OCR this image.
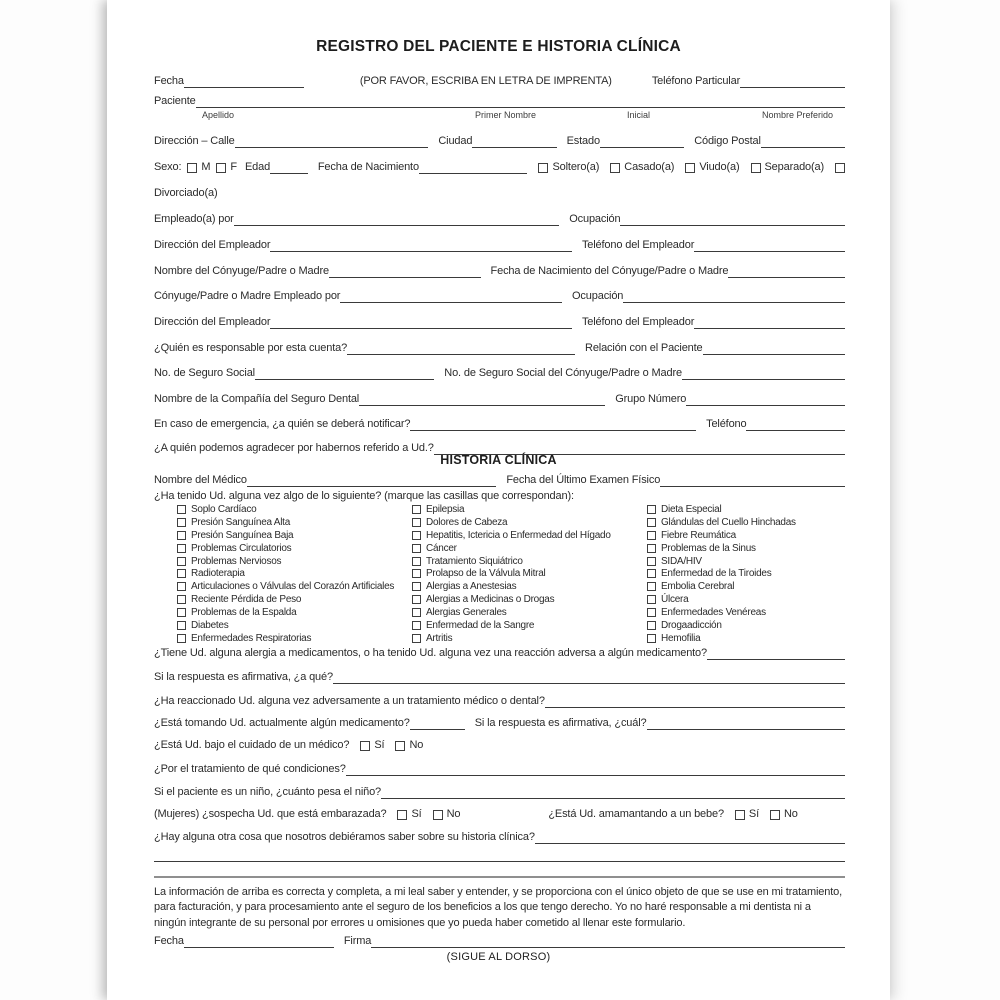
REGISTRO DEL PACIENTE E HISTORIA CLÍNICA
Fecha	(POR FAVOR, ESCRIBA EN LETRA DE IMPRENTA)	Teléfono Particular
Paciente
Apellido	Primer Nombre	Inicial	Nombre Preferido
Dirección – Calle	Ciudad	Estado	Código Postal
Sexo: M F Edad	Fecha de Nacimiento	Soltero(a) Casado(a) Viudo(a) Separado(a)
Divorciado(a)
Empleado(a) por	Ocupación
Dirección del Empleador	Teléfono del Empleador
Nombre del Cónyuge/Padre o Madre	Fecha de Nacimiento del Cónyuge/Padre o Madre
Cónyuge/Padre o Madre Empleado por	Ocupación
Dirección del Empleador	Teléfono del Empleador
¿Quién es responsable por esta cuenta?	Relación con el Paciente
No. de Seguro Social	No. de Seguro Social del Cónyuge/Padre o Madre
Nombre de la Compañía del Seguro Dental	Grupo Número
En caso de emergencia, ¿a quién se deberá notificar?	Teléfono
¿A quién podemos agradecer por habernos referido a Ud.?
HISTORIA CLÍNICA
Nombre del Médico	Fecha del Último Examen Físico
¿Ha tenido Ud. alguna vez algo de lo siguiente? (marque las casillas que correspondan):
Soplo Cardíaco
Presión Sanguínea Alta
Presión Sanguínea Baja
Problemas Circulatorios
Problemas Nerviosos
Radioterapia
Articulaciones o Válvulas del Corazón Artificiales
Reciente Pérdida de Peso
Problemas de la Espalda
Diabetes
Enfermedades Respiratorias
Epilepsia
Dolores de Cabeza
Hepatitis, Ictericia o Enfermedad del Hígado
Cáncer
Tratamiento Siquiátrico
Prolapso de la Válvula Mitral
Alergias a Anestesias
Alergias a Medicinas o Drogas
Alergias Generales
Enfermedad de la Sangre
Artritis
Dieta Especial
Glándulas del Cuello Hinchadas
Fiebre Reumática
Problemas de la Sinus
SIDA/HIV
Enfermedad de la Tiroides
Embolia Cerebral
Úlcera
Enfermedades Venéreas
Drogaadicción
Hemofilia
¿Tiene Ud. alguna alergia a medicamentos, o ha tenido Ud. alguna vez una reacción adversa a algún medicamento?
Si la respuesta es afirmativa, ¿a qué?
¿Ha reaccionado Ud. alguna vez adversamente a un tratamiento médico o dental?
¿Está tomando Ud. actualmente algún medicamento?	Si la respuesta es afirmativa, ¿cuál?
¿Está Ud. bajo el cuidado de un médico? Sí No
¿Por el tratamiento de qué condiciones?
Si el paciente es un niño, ¿cuánto pesa el niño?
(Mujeres) ¿sospecha Ud. que está embarazada? Sí No	¿Está Ud. amamantando a un bebe? Sí No
¿Hay alguna otra cosa que nosotros debiéramos saber sobre su historia clínica?
La información de arriba es correcta y completa, a mi leal saber y entender, y se proporciona con el único objeto de que se use en mi tratamiento, para facturación, y para procesamiento ante el seguro de los beneficios a los que tengo derecho. Yo no haré responsable a mi dentista ni a ningún integrante de su personal por errores u omisiones que yo pueda haber cometido al llenar este formulario.
Fecha	Firma
(SIGUE AL DORSO)
